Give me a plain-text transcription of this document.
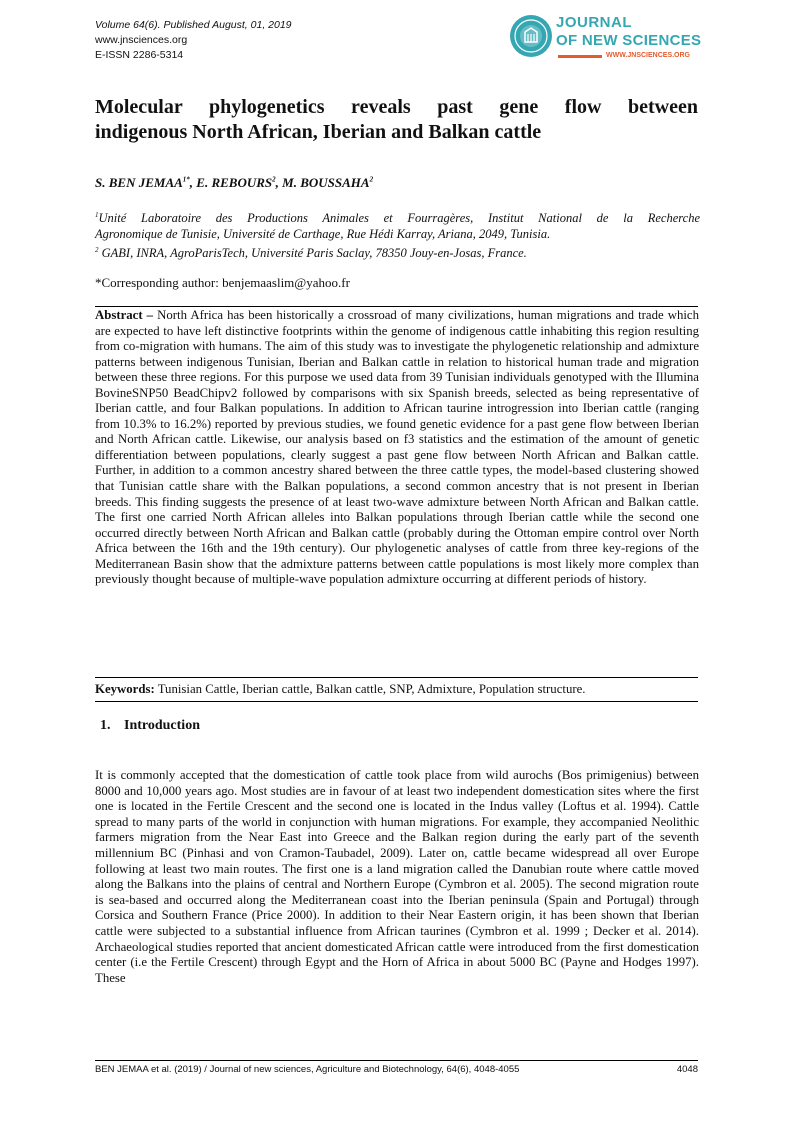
Volume 64(6). Published August, 01, 2019
www.jnsciences.org
E-ISSN 2286-5314
JOURNAL
OF NEW SCIENCES
WWW.JNSCIENCES.ORG
Molecular phylogenetics reveals past gene flow between
indigenous North African, Iberian and Balkan cattle
S. BEN $JEMAA^{1*}$, E. REBOURS$^2$, M. BOUSSAHA$^2$
$^1$Unité Laboratoire des Productions Animales et Fourragères, Institut National de la Recherche
Agronomique de Tunisie, Université de Carthage, Rue Hédi Karray, Ariana, 2049, Tunisia.
$^2$ GABI, INRA, AgroParisTech, Université Paris Saclay, 78350 Jouy-en-Josas, France.
*Corresponding author: benjemaaslim@yahoo.fr
Abstract – North Africa has been historically a crossroad of many civilizations, human migrations and trade which are expected to have left distinctive footprints within the genome of indigenous cattle inhabiting this region resulting from co-migration with humans. The aim of this study was to investigate the phylogenetic relationship and admixture patterns between indigenous Tunisian, Iberian and Balkan cattle in relation to historical human trade and migration between these three regions. For this purpose we used data from 39 Tunisian individuals genotyped with the Illumina BovineSNP50 BeadChipv2 followed by comparisons with six Spanish breeds, selected as being representative of Iberian cattle, and four Balkan populations. In addition to African taurine introgression into Iberian cattle (ranging from 10.3% to 16.2%) reported by previous studies, we found genetic evidence for a past gene flow between Iberian and North African cattle. Likewise, our analysis based on f3 statistics and the estimation of the amount of genetic differentiation between populations, clearly suggest a past gene flow between North African and Balkan cattle. Further, in addition to a common ancestry shared between the three cattle types, the model-based clustering showed that Tunisian cattle share with the Balkan populations, a second common ancestry that is not present in Iberian breeds. This finding suggests the presence of at least two-wave admixture between North African and Balkan cattle. The first one carried North African alleles into Balkan populations through Iberian cattle while the second one occurred directly between North African and Balkan cattle (probably during the Ottoman empire control over North Africa between the 16th and the 19th century). Our phylogenetic analyses of cattle from three key-regions of the Mediterranean Basin show that the admixture patterns between cattle populations is most likely more complex than previously thought because of multiple-wave population admixture occurring at different periods of history.
Keywords: Tunisian Cattle, Iberian cattle, Balkan cattle, SNP, Admixture, Population structure.
1. Introduction
It is commonly accepted that the domestication of cattle took place from wild aurochs (Bos primigenius) between 8000 and 10,000 years ago. Most studies are in favour of at least two independent domestication sites where the first one is located in the Fertile Crescent and the second one is located in the Indus valley (Loftus et al. 1994). Cattle spread to many parts of the world in conjunction with human migrations. For example, they accompanied Neolithic farmers migration from the Near East into Greece and the Balkan region during the early part of the seventh millennium BC (Pinhasi and von Cramon-Taubadel, 2009). Later on, cattle became widespread all over Europe following at least two main routes. The first one is a land migration called the Danubian route where cattle moved along the Balkans into the plains of central and Northern Europe (Cymbron et al. 2005). The second migration route is sea-based and occurred along the Mediterranean coast into the Iberian peninsula (Spain and Portugal) through Corsica and Southern France (Price 2000). In addition to their Near Eastern origin, it has been shown that Iberian cattle were subjected to a substantial influence from African taurines (Cymbron et al. 1999 ; Decker et al. 2014). Archaeological studies reported that ancient domesticated African cattle were introduced from the first domestication center (i.e the Fertile Crescent) through Egypt and the Horn of Africa in about 5000 BC (Payne and Hodges 1997). These
BEN JEMAA et al. (2019) / Journal of new sciences, Agriculture and Biotechnology, 64(6), 4048-4055	4048
